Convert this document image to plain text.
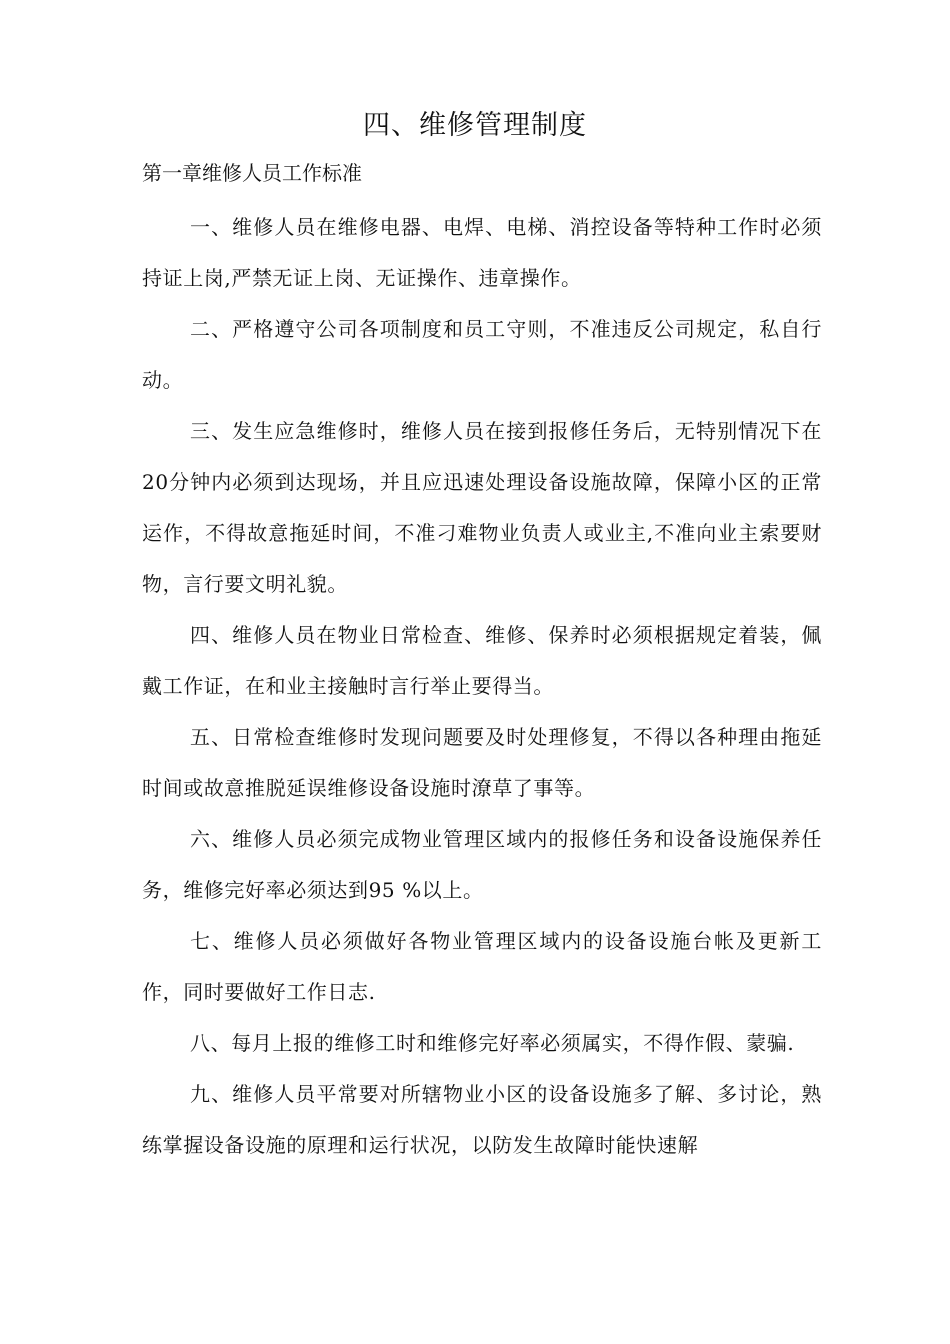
四、维修管理制度

第一章维修人员工作标准

一、维修人员在维修电器、电焊、电梯、消控设备等特种工作时必须持证上岗,严禁无证上岗、无证操作、违章操作。

二、严格遵守公司各项制度和员工守则，不准违反公司规定，私自行动。

三、发生应急维修时，维修人员在接到报修任务后，无特别情况下在20分钟内必须到达现场，并且应迅速处理设备设施故障，保障小区的正常运作，不得故意拖延时间，不准刁难物业负责人或业主,不准向业主索要财物，言行要文明礼貌。

四、维修人员在物业日常检查、维修、保养时必须根据规定着装，佩戴工作证，在和业主接触时言行举止要得当。

五、日常检查维修时发现问题要及时处理修复，不得以各种理由拖延时间或故意推脱延误维修设备设施时潦草了事等。

六、维修人员必须完成物业管理区域内的报修任务和设备设施保养任务，维修完好率必须达到95 %以上。

七、维修人员必须做好各物业管理区域内的设备设施台帐及更新工作，同时要做好工作日志.

八、每月上报的维修工时和维修完好率必须属实，不得作假、蒙骗.

九、维修人员平常要对所辖物业小区的设备设施多了解、多讨论，熟练掌握设备设施的原理和运行状况，以防发生故障时能快速解
